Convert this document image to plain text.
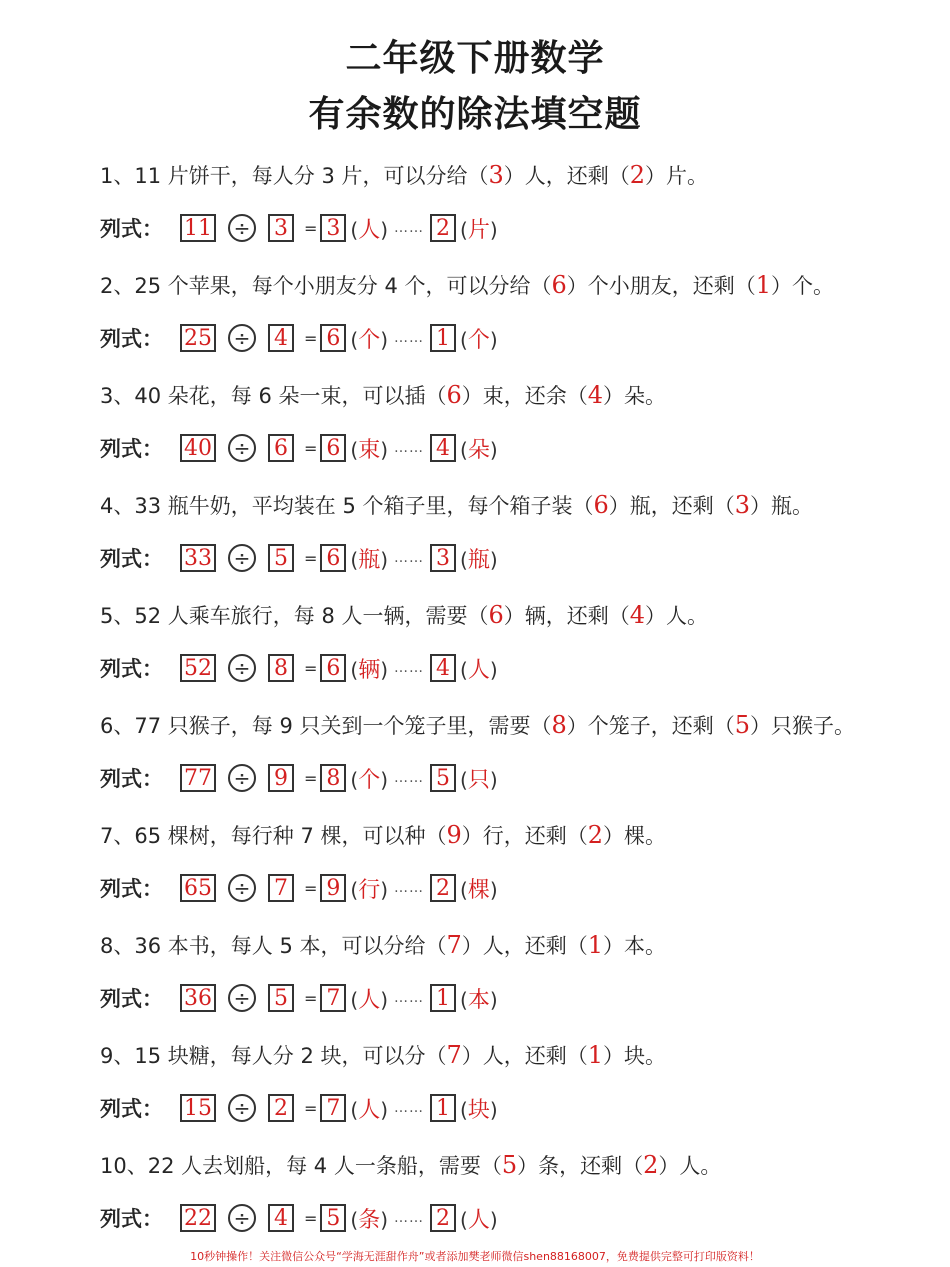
二年级下册数学
有余数的除法填空题
1、11 片饼干，每人分 3 片，可以分给（3）人，还剩（2）片。
列式： 11 ÷ 3	= 3 (人) …… 2 (片)
2、25 个苹果，每个小朋友分 4 个，可以分给（6）个小朋友，还剩（1）个。
列式： 25 ÷ 4	= 6 (个) …… 1 (个)
3、40 朵花，每 6 朵一束，可以插（6）束，还余（4）朵。
列式： 40 ÷ 6	= 6 (束) …… 4 (朵)
4、33 瓶牛奶，平均装在 5 个箱子里，每个箱子装（6）瓶，还剩（3）瓶。
列式： 33 ÷ 5	= 6 (瓶) …… 3 (瓶)
5、52 人乘车旅行，每 8 人一辆，需要（6）辆，还剩（4）人。
列式： 52 ÷ 8	= 6 (辆) …… 4 (人)
6、77 只猴子，每 9 只关到一个笼子里，需要（8）个笼子，还剩（5）只猴子。
列式： 77 ÷ 9	= 8 (个) …… 5 (只)
7、65 棵树，每行种 7 棵，可以种（9）行，还剩（2）棵。
列式： 65 ÷ 7	= 9 (行) …… 2 (棵)
8、36 本书，每人 5 本，可以分给（7）人，还剩（1）本。
列式： 36 ÷ 5	= 7 (人) …… 1 (本)
9、15 块糖，每人分 2 块，可以分（7）人，还剩（1）块。
列式： 15 ÷ 2	= 7 (人) …… 1 (块)
10、22 人去划船，每 4 人一条船，需要（5）条，还剩（2）人。
列式： 22 ÷ 4	= 5 (条) …… 2 (人)
10秒钟操作！关注微信公众号“学海无涯甜作舟”或者添加樊老师微信shen88168007，免费提供完整可打印版资料！
